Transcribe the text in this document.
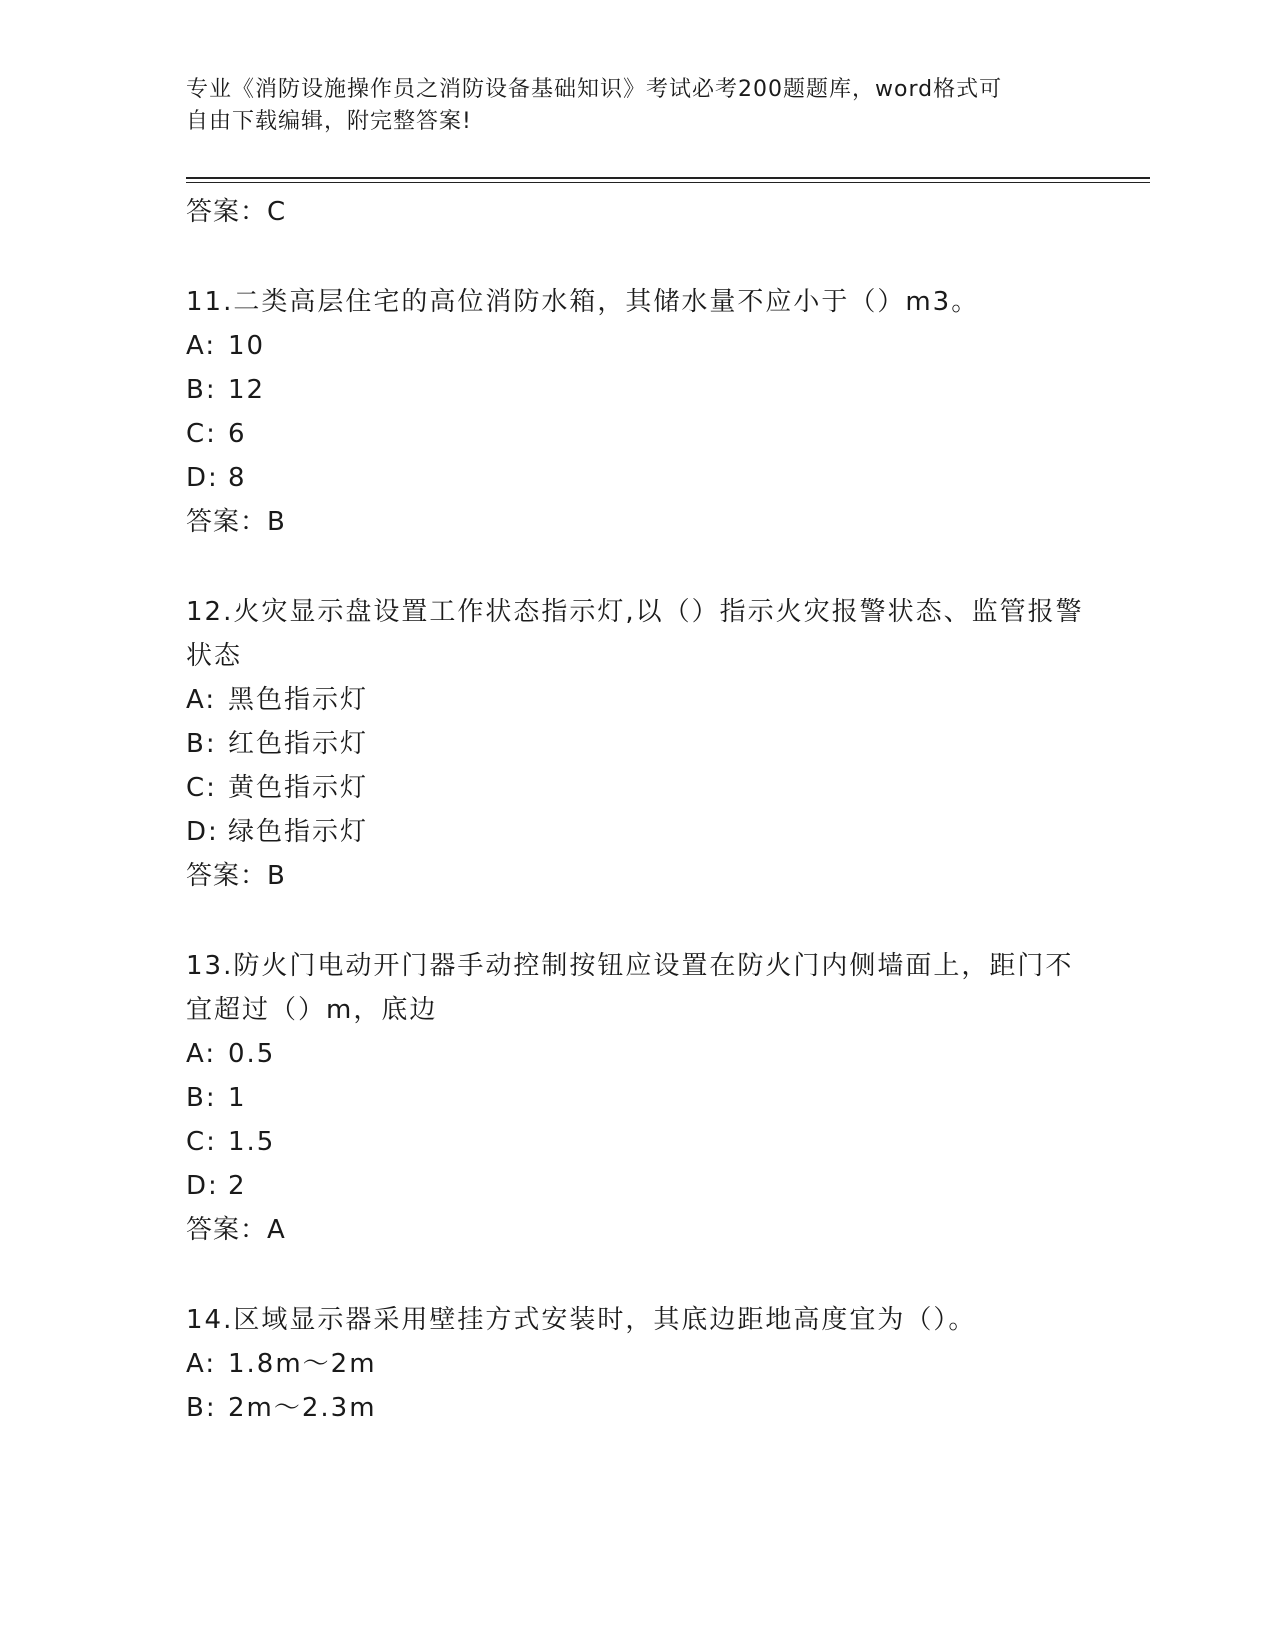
专业《消防设施操作员之消防设备基础知识》考试必考200题题库，word格式可
自由下载编辑，附完整答案!
答案：C
11.二类高层住宅的高位消防水箱，其储水量不应小于（）m3。
A: 10
B: 12
C: 6
D: 8
答案：B
12.火灾显示盘设置工作状态指示灯,以（）指示火灾报警状态、监管报警状态
A: 黑色指示灯
B: 红色指示灯
C: 黄色指示灯
D: 绿色指示灯
答案：B
13.防火门电动开门器手动控制按钮应设置在防火门内侧墙面上，距门不宜超过（）m，底边
A: 0.5
B: 1
C: 1.5
D: 2
答案：A
14.区域显示器采用壁挂方式安装时，其底边距地高度宜为（）。
A: 1.8m～2m
B: 2m～2.3m
